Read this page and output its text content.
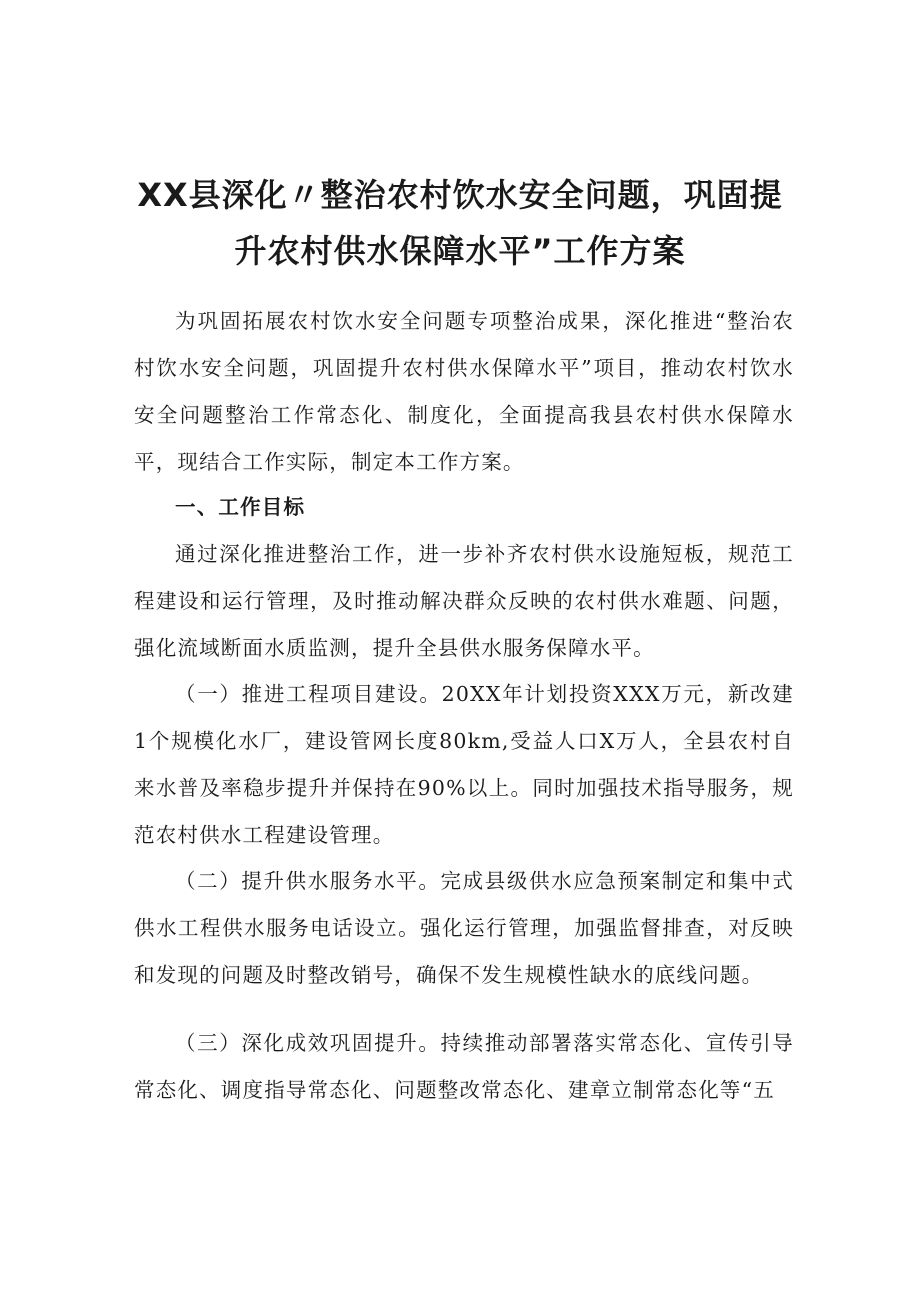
XX县深化〃整治农村饮水安全问题，巩固提
升农村供水保障水平”工作方案

为巩固拓展农村饮水安全问题专项整治成果，深化推进“整治农村饮水安全问题，巩固提升农村供水保障水平”项目，推动农村饮水安全问题整治工作常态化、制度化，全面提高我县农村供水保障水平，现结合工作实际，制定本工作方案。

一、工作目标

通过深化推进整治工作，进一步补齐农村供水设施短板，规范工程建设和运行管理，及时推动解决群众反映的农村供水难题、问题，强化流域断面水质监测，提升全县供水服务保障水平。

（一）推进工程项目建设。20XX年计划投资XXX万元，新改建1个规模化水厂，建设管网长度80km,受益人口X万人，全县农村自来水普及率稳步提升并保持在90%以上。同时加强技术指导服务，规范农村供水工程建设管理。

（二）提升供水服务水平。完成县级供水应急预案制定和集中式供水工程供水服务电话设立。强化运行管理，加强监督排查，对反映和发现的问题及时整改销号，确保不发生规模性缺水的底线问题。

（三）深化成效巩固提升。持续推动部署落实常态化、宣传引导常态化、调度指导常态化、问题整改常态化、建章立制常态化等“五
